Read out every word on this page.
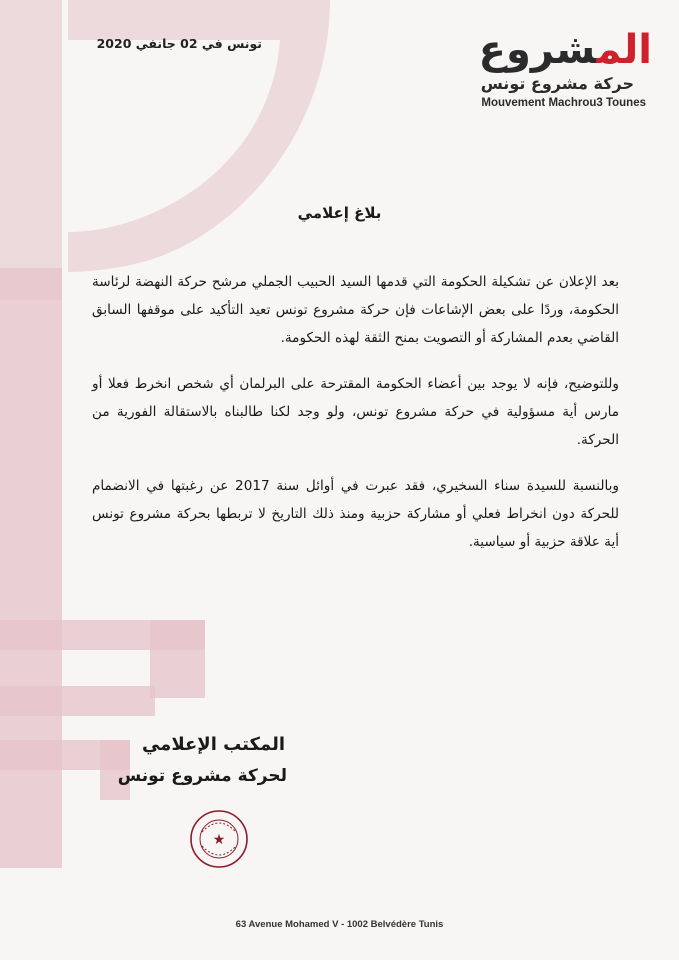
تونس في 02 جانفي 2020	المشروع
حركة مشروع تونس
Mouvement Machrou3 Tounes
بلاغ إعلامي

بعد الإعلان عن تشكيلة الحكومة التي قدمها السيد الحبيب الجملي مرشح حركة النهضة لرئاسة الحكومة، وردًا على بعض الإشاعات فإن حركة مشروع تونس تعيد التأكيد على موقفها السابق القاضي بعدم المشاركة أو التصويت بمنح الثقة لهذه الحكومة.

وللتوضيح، فإنه لا يوجد بين أعضاء الحكومة المقترحة على البرلمان أي شخص انخرط فعلا أو مارس أية مسؤولية في حركة مشروع تونس، ولو وجد لكنا طالبناه بالاستقالة الفورية من الحركة.

وبالنسبة للسيدة سناء السخيري، فقد عبرت في أوائل سنة 2017 عن رغبتها في الانضمام للحركة دون انخراط فعلي أو مشاركة حزبية ومنذ ذلك التاريخ لا تربطها بحركة مشروع تونس أية علاقة حزبية أو سياسية.

المكتب الإعلامي
لحركة مشروع تونس
★
63 Avenue Mohamed V - 1002 Belvédère Tunis
